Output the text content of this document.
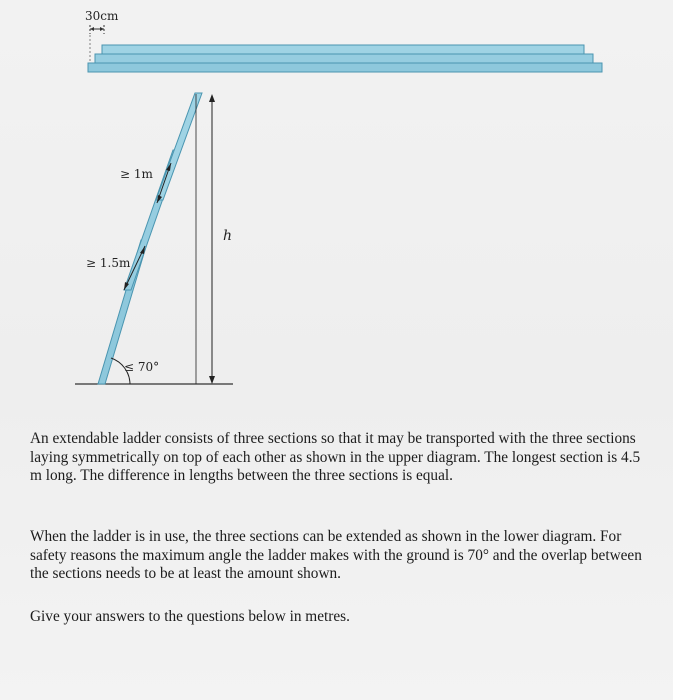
30cm
≥ 1m
≥ 1.5m
h
≤ 70°

An extendable ladder consists of three sections so that it may be transported with the three sections laying symmetrically on top of each other as shown in the upper diagram. The longest section is 4.5 m long. The difference in lengths between the three sections is equal.

When the ladder is in use, the three sections can be extended as shown in the lower diagram. For safety reasons the maximum angle the ladder makes with the ground is 70° and the overlap between the sections needs to be at least the amount shown.

Give your answers to the questions below in metres.
